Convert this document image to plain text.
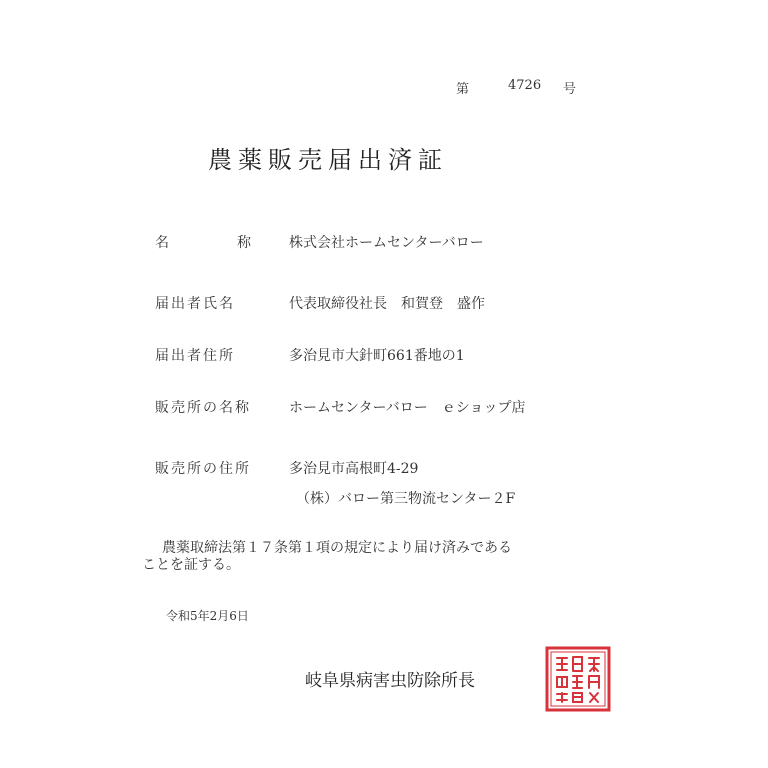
第	4726 号
農薬販売届出済証
名	称	株式会社ホームセンターバロー
届出者氏名	代表取締役社長　和賀登　盛作
届出者住所	多治見市大針町661番地の1
販売所の名称	ホームセンターバロー　ｅショップ店
販売所の住所	多治見市高根町4-29
（株）バロー第三物流センター２F
農薬取締法第１７条第１項の規定により届け済みである
ことを証する。
令和5年2月6日
岐阜県病害虫防除所長
